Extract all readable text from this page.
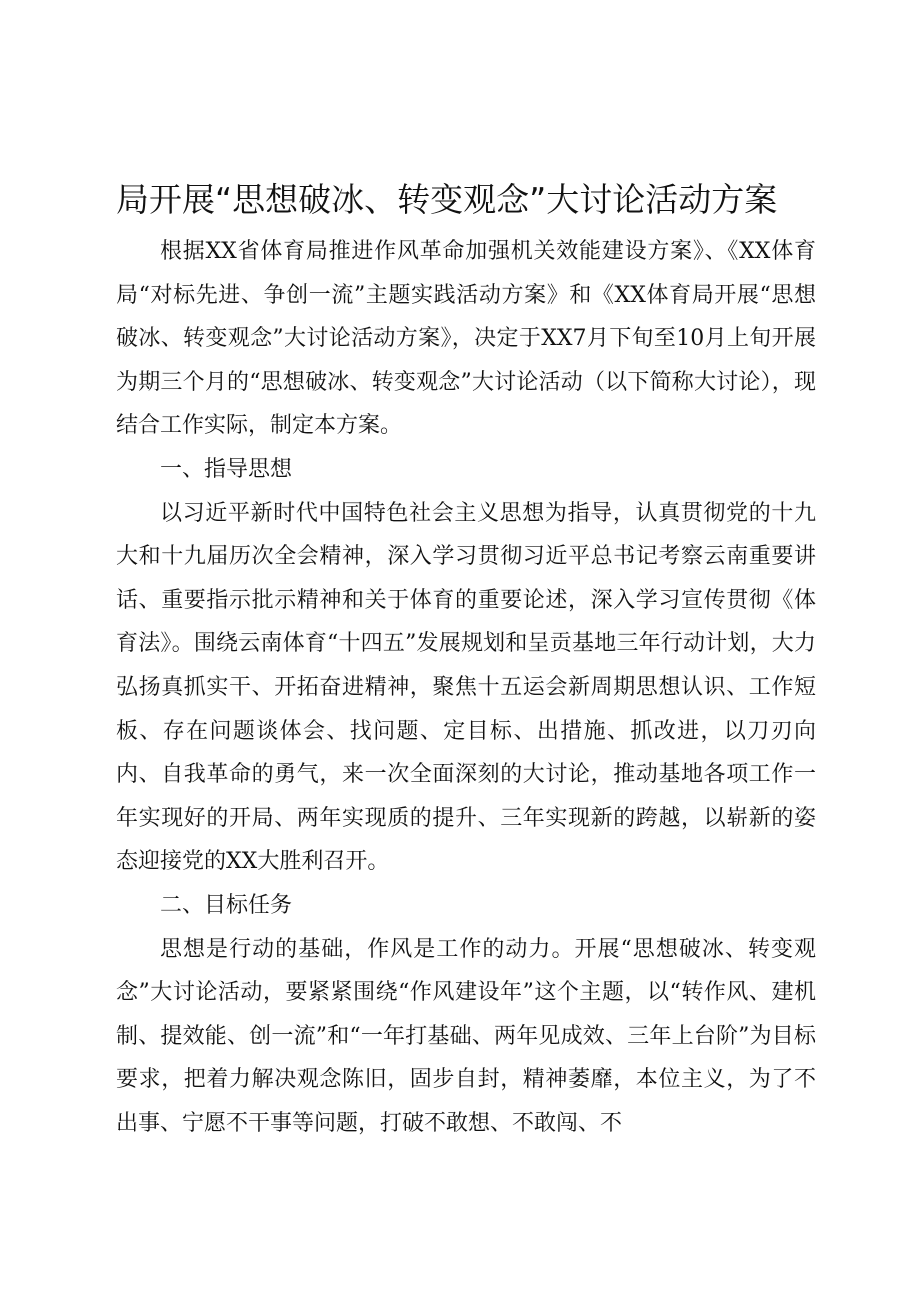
局开展“思想破冰、转变观念”大讨论活动方案

根据XX省体育局推进作风革命加强机关效能建设方案》、《XX体育局“对标先进、争创一流”主题实践活动方案》和《XX体育局开展“思想破冰、转变观念”大讨论活动方案》，决定于XX7月下旬至10月上旬开展为期三个月的“思想破冰、转变观念”大讨论活动（以下简称大讨论），现结合工作实际，制定本方案。

一、指导思想

以习近平新时代中国特色社会主义思想为指导，认真贯彻党的十九大和十九届历次全会精神，深入学习贯彻习近平总书记考察云南重要讲话、重要指示批示精神和关于体育的重要论述，深入学习宣传贯彻《体育法》。围绕云南体育“十四五”发展规划和呈贡基地三年行动计划，大力弘扬真抓实干、开拓奋进精神，聚焦十五运会新周期思想认识、工作短板、存在问题谈体会、找问题、定目标、出措施、抓改进，以刀刃向内、自我革命的勇气，来一次全面深刻的大讨论，推动基地各项工作一年实现好的开局、两年实现质的提升、三年实现新的跨越，以崭新的姿态迎接党的XX大胜利召开。

二、目标任务

思想是行动的基础，作风是工作的动力。开展“思想破冰、转变观念”大讨论活动，要紧紧围绕“作风建设年”这个主题，以“转作风、建机制、提效能、创一流”和“一年打基础、两年见成效、三年上台阶”为目标要求，把着力解决观念陈旧，固步自封，精神萎靡，本位主义，为了不出事、宁愿不干事等问题，打破不敢想、不敢闯、不
